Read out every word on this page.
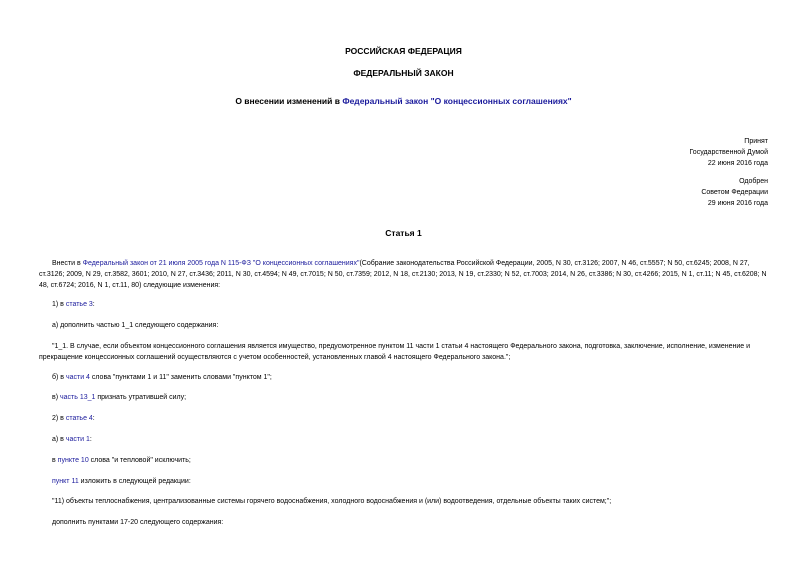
РОССИЙСКАЯ ФЕДЕРАЦИЯ
ФЕДЕРАЛЬНЫЙ ЗАКОН
О внесении изменений в Федеральный закон "О концессионных соглашениях"
Принят
Государственной Думой
22 июня 2016 года
Одобрен
Советом Федерации
29 июня 2016 года
Статья 1
Внести в Федеральный закон от 21 июля 2005 года N 115-ФЗ "О концессионных соглашениях"(Собрание законодательства Российской Федерации, 2005, N 30, ст.3126; 2007, N 46, ст.5557; N 50, ст.6245; 2008, N 27, ст.3126; 2009, N 29, ст.3582, 3601; 2010, N 27, ст.3436; 2011, N 30, ст.4594; N 49, ст.7015; N 50, ст.7359; 2012, N 18, ст.2130; 2013, N 19, ст.2330; N 52, ст.7003; 2014, N 26, ст.3386; N 30, ст.4266; 2015, N 1, ст.11; N 45, ст.6208; N 48, ст.6724; 2016, N 1, ст.11, 80) следующие изменения:
1) в статье 3:
а) дополнить частью 1_1 следующего содержания:
"1_1. В случае, если объектом концессионного соглашения является имущество, предусмотренное пунктом 11 части 1 статьи 4 настоящего Федерального закона, подготовка, заключение, исполнение, изменение и прекращение концессионных соглашений осуществляются с учетом особенностей, установленных главой 4 настоящего Федерального закона.";
б) в части 4 слова "пунктами 1 и 11" заменить словами "пунктом 1";
в) часть 13_1 признать утратившей силу;
2) в статье 4:
а) в части 1:
в пункте 10 слова "и тепловой" исключить;
пункт 11 изложить в следующей редакции:
"11) объекты теплоснабжения, централизованные системы горячего водоснабжения, холодного водоснабжения и (или) водоотведения, отдельные объекты таких систем;";
дополнить пунктами 17-20 следующего содержания:
